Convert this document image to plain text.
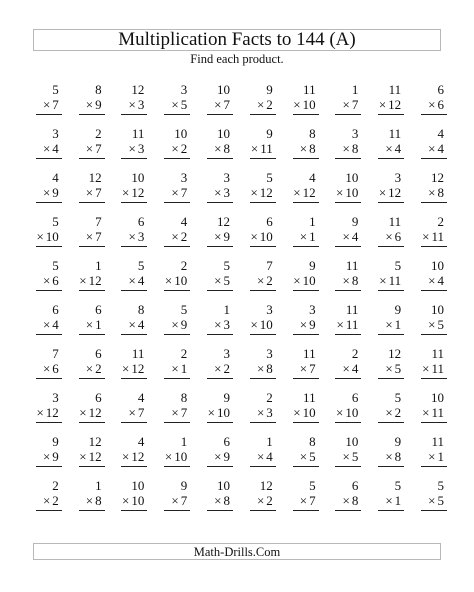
Multiplication Facts to 144 (A)
Find each product.
5
× 7
8
× 9
12
× 3
3
× 5
10
× 7
9
× 2
11
× 10
1
× 7
11
× 12
6
× 6
3
× 4
2
× 7
11
× 3
10
× 2
10
× 8
9
× 11
8
× 8
3
× 8
11
× 4
4
× 4
4
× 9
12
× 7
10
× 12
3
× 7
3
× 3
5
× 12
4
× 12
10
× 10
3
× 12
12
× 8
5
× 10
7
× 7
6
× 3
4
× 2
12
× 9
6
× 10
1
× 1
9
× 4
11
× 6
2
× 11
5
× 6
1
× 12
5
× 4
2
× 10
5
× 5
7
× 2
9
× 10
11
× 8
5
× 11
10
× 4
6
× 4
6
× 1
8
× 4
5
× 9
1
× 3
3
× 10
3
× 9
11
× 11
9
× 1
10
× 5
7
× 6
6
× 2
11
× 12
2
× 1
3
× 2
3
× 8
11
× 7
2
× 4
12
× 5
11
× 11
3
× 12
6
× 12
4
× 7
8
× 7
9
× 10
2
× 3
11
× 10
6
× 10
5
× 2
10
× 11
9
× 9
12
× 12
4
× 12
1
× 10
6
× 9
1
× 4
8
× 5
10
× 5
9
× 8
11
× 1
2
× 2
1
× 8
10
× 10
9
× 7
10
× 8
12
× 2
5
× 7
6
× 8
5
× 1
5
× 5
Math-Drills.Com
